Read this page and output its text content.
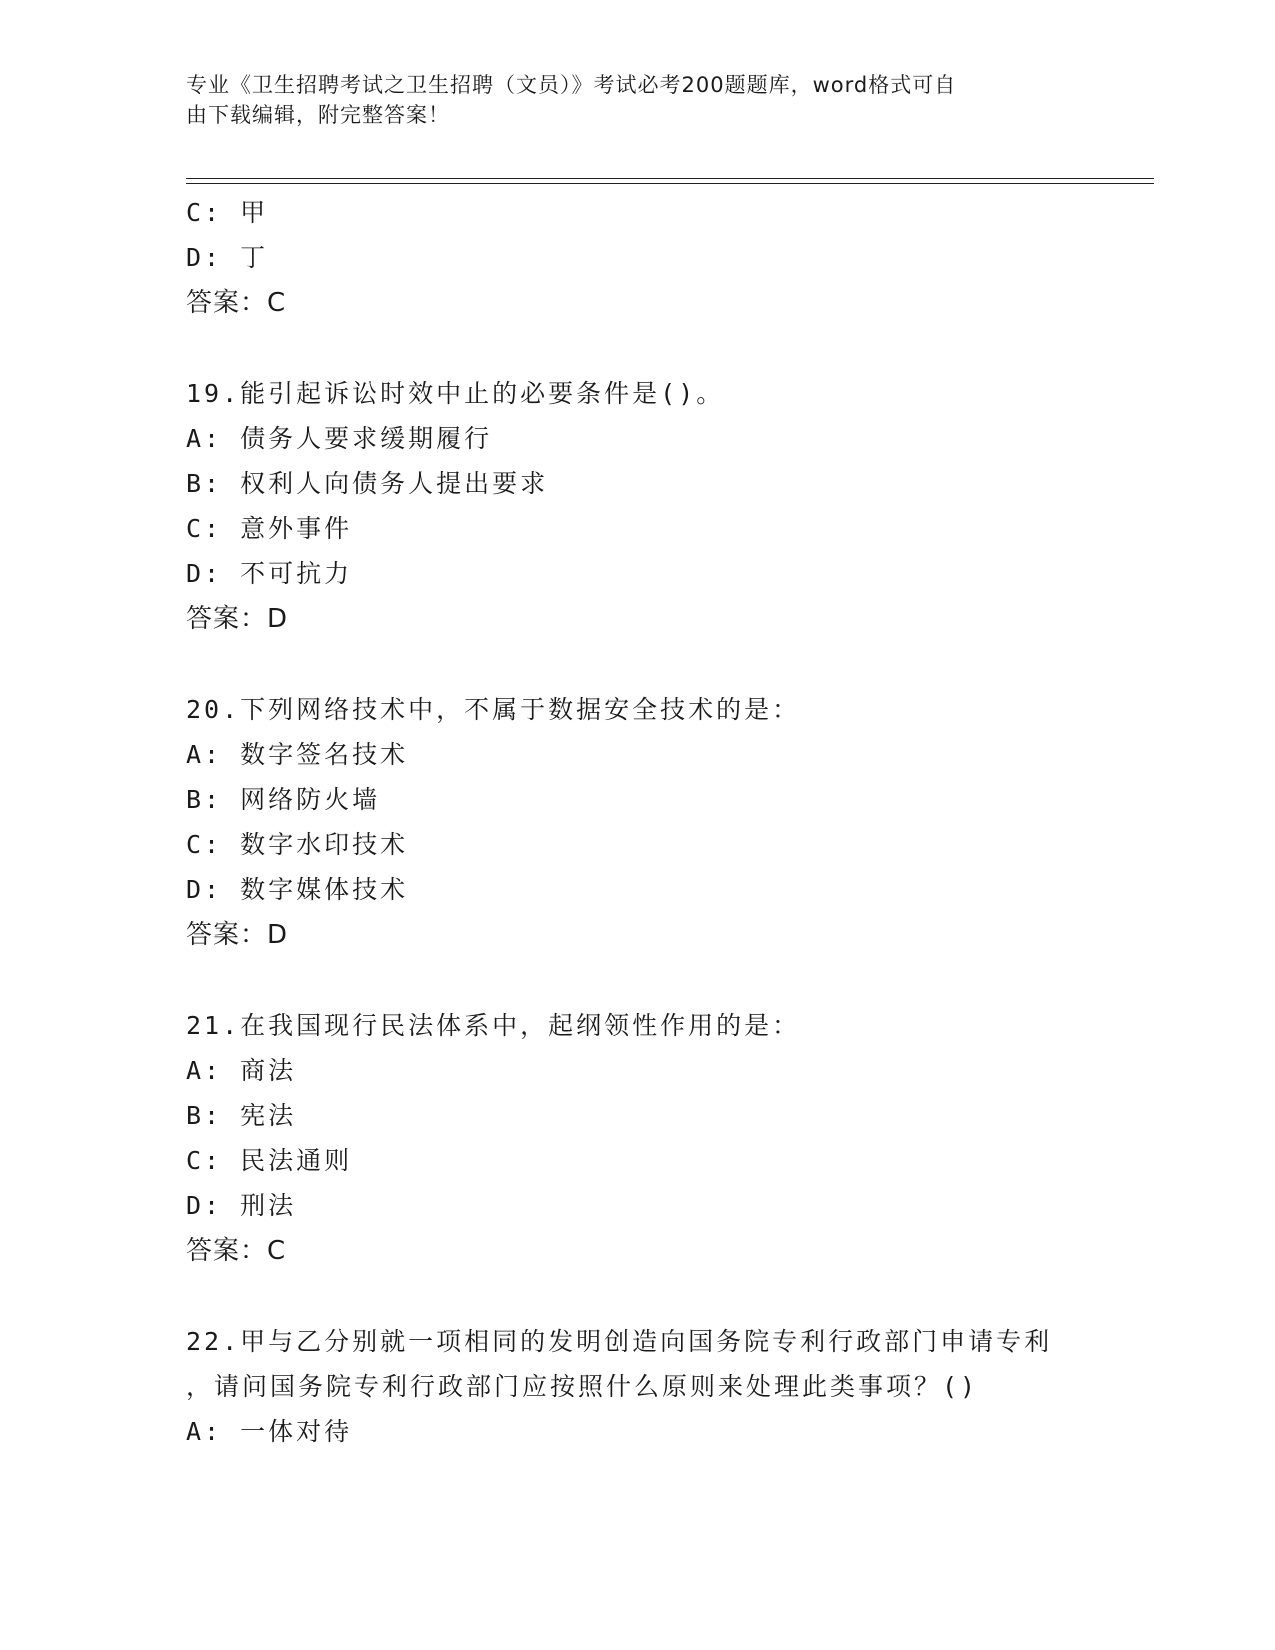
专业《卫生招聘考试之卫生招聘（文员）》考试必考200题题库，word格式可自
由下载编辑，附完整答案！
C: 甲
D: 丁
答案：C
19.能引起诉讼时效中止的必要条件是()。
A: 债务人要求缓期履行
B: 权利人向债务人提出要求
C: 意外事件
D: 不可抗力
答案：D
20.下列网络技术中，不属于数据安全技术的是：
A: 数字签名技术
B: 网络防火墙
C: 数字水印技术
D: 数字媒体技术
答案：D
21.在我国现行民法体系中，起纲领性作用的是：
A: 商法
B: 宪法
C: 民法通则
D: 刑法
答案：C
22.甲与乙分别就一项相同的发明创造向国务院专利行政部门申请专利
，请问国务院专利行政部门应按照什么原则来处理此类事项？()
A: 一体对待
